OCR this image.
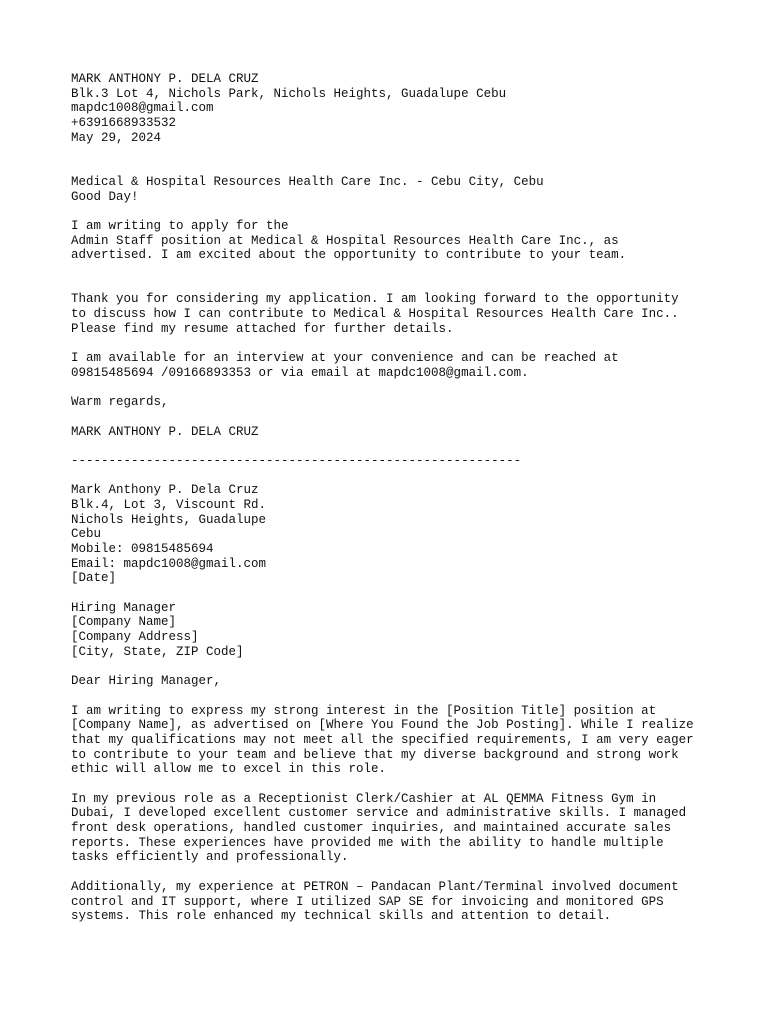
MARK ANTHONY P. DELA CRUZ
Blk.3 Lot 4, Nichols Park, Nichols Heights, Guadalupe Cebu
mapdc1008@gmail.com
+6391668933532
May 29, 2024
Medical & Hospital Resources Health Care Inc. - Cebu City, Cebu
Good Day!
I am writing to apply for the
Admin Staff position at Medical & Hospital Resources Health Care Inc., as
advertised. I am excited about the opportunity to contribute to your team.
Thank you for considering my application. I am looking forward to the opportunity
to discuss how I can contribute to Medical & Hospital Resources Health Care Inc..
Please find my resume attached for further details.
I am available for an interview at your convenience and can be reached at
09815485694 /09166893353 or via email at mapdc1008@gmail.com.
Warm regards,
MARK ANTHONY P. DELA CRUZ
------------------------------------------------------------
Mark Anthony P. Dela Cruz
Blk.4, Lot 3, Viscount Rd.
Nichols Heights, Guadalupe
Cebu
Mobile: 09815485694
Email: mapdc1008@gmail.com
[Date]
Hiring Manager
[Company Name]
[Company Address]
[City, State, ZIP Code]
Dear Hiring Manager,
I am writing to express my strong interest in the [Position Title] position at
[Company Name], as advertised on [Where You Found the Job Posting]. While I realize
that my qualifications may not meet all the specified requirements, I am very eager
to contribute to your team and believe that my diverse background and strong work
ethic will allow me to excel in this role.
In my previous role as a Receptionist Clerk/Cashier at AL QEMMA Fitness Gym in
Dubai, I developed excellent customer service and administrative skills. I managed
front desk operations, handled customer inquiries, and maintained accurate sales
reports. These experiences have provided me with the ability to handle multiple
tasks efficiently and professionally.
Additionally, my experience at PETRON – Pandacan Plant/Terminal involved document
control and IT support, where I utilized SAP SE for invoicing and monitored GPS
systems. This role enhanced my technical skills and attention to detail.
